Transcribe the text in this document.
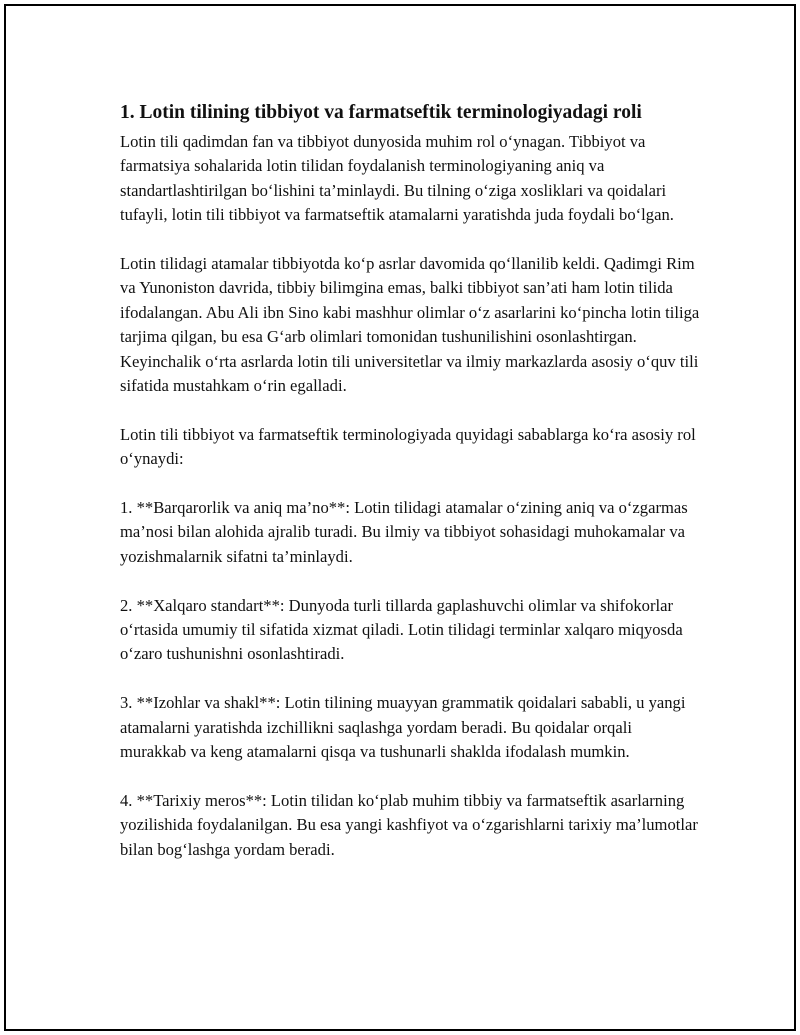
1. Lotin tilining tibbiyot va farmatseftik terminologiyadagi roli

Lotin tili qadimdan fan va tibbiyot dunyosida muhim rol o‘ynagan. Tibbiyot va farmatsiya sohalarida lotin tilidan foydalanish terminologiyaning aniq va standartlashtirilgan bo‘lishini ta’minlaydi. Bu tilning o‘ziga xosliklari va qoidalari tufayli, lotin tili tibbiyot va farmatseftik atamalarni yaratishda juda foydali bo‘lgan.

Lotin tilidagi atamalar tibbiyotda ko‘p asrlar davomida qo‘llanilib keldi. Qadimgi Rim va Yunoniston davrida, tibbiy bilimgina emas, balki tibbiyot san’ati ham lotin tilida ifodalangan. Abu Ali ibn Sino kabi mashhur olimlar o‘z asarlarini ko‘pincha lotin tiliga tarjima qilgan, bu esa G‘arb olimlari tomonidan tushunilishini osonlashtirgan. Keyinchalik o‘rta asrlarda lotin tili universitetlar va ilmiy markazlarda asosiy o‘quv tili sifatida mustahkam o‘rin egalladi.

Lotin tili tibbiyot va farmatseftik terminologiyada quyidagi sabablarga ko‘ra asosiy rol o‘ynaydi:

1. **Barqarorlik va aniq ma’no**: Lotin tilidagi atamalar o‘zining aniq va o‘zgarmas ma’nosi bilan alohida ajralib turadi. Bu ilmiy va tibbiyot sohasidagi muhokamalar va yozishmalarnik sifatni ta’minlaydi.

2. **Xalqaro standart**: Dunyoda turli tillarda gaplashuvchi olimlar va shifokorlar o‘rtasida umumiy til sifatida xizmat qiladi. Lotin tilidagi terminlar xalqaro miqyosda o‘zaro tushunishni osonlashtiradi.

3. **Izohlar va shakl**: Lotin tilining muayyan grammatik qoidalari sababli, u yangi atamalarni yaratishda izchillikni saqlashga yordam beradi. Bu qoidalar orqali murakkab va keng atamalarni qisqa va tushunarli shaklda ifodalash mumkin.

4. **Tarixiy meros**: Lotin tilidan ko‘plab muhim tibbiy va farmatseftik asarlarning yozilishida foydalanilgan. Bu esa yangi kashfiyot va o‘zgarishlarni tarixiy ma’lumotlar bilan bog‘lashga yordam beradi.
